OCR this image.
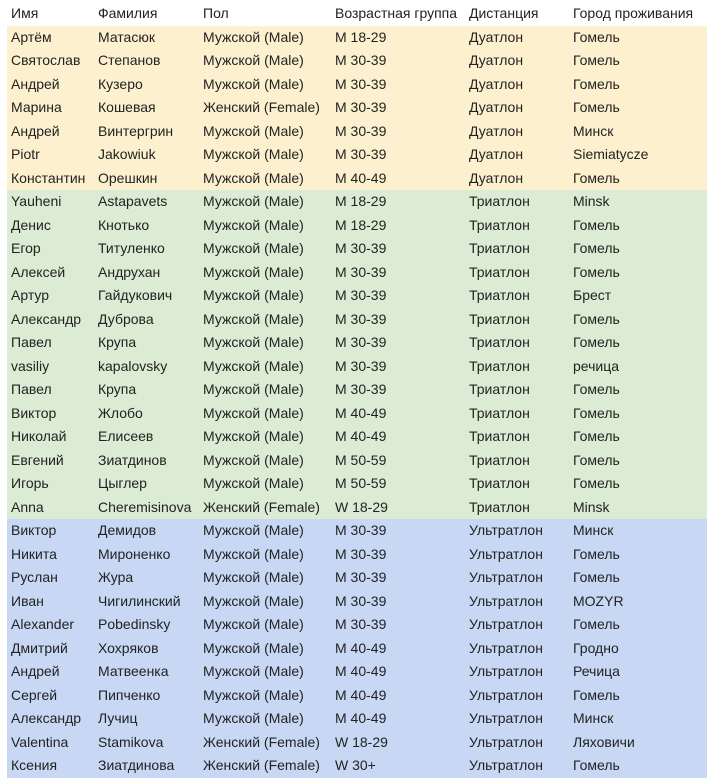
Имя	Фамилия	Пол	Возрастная группа	Дистанция	Город проживания
Артём	Матасюк	Мужской (Male)	M 18-29	Дуатлон	Гомель
Святослав	Степанов	Мужской (Male)	M 30-39	Дуатлон	Гомель
Андрей	Кузеро	Мужской (Male)	M 30-39	Дуатлон	Гомель
Марина	Кошевая	Женский (Female)	M 30-39	Дуатлон	Гомель
Андрей	Винтергрин	Мужской (Male)	M 30-39	Дуатлон	Минск
Piotr	Jakowiuk	Мужской (Male)	M 30-39	Дуатлон	Siemiatycze
Константин	Орешкин	Мужской (Male)	M 40-49	Дуатлон	Гомель
Yauheni	Astapavets	Мужской (Male)	M 18-29	Триатлон	Minsk
Денис	Кнотько	Мужской (Male)	M 18-29	Триатлон	Гомель
Егор	Титуленко	Мужской (Male)	M 30-39	Триатлон	Гомель
Алексей	Андрухан	Мужской (Male)	M 30-39	Триатлон	Гомель
Артур	Гайдукович	Мужской (Male)	M 30-39	Триатлон	Брест
Александр	Дуброва	Мужской (Male)	M 30-39	Триатлон	Гомель
Павел	Крупа	Мужской (Male)	M 30-39	Триатлон	Гомель
vasiliy	kapalovsky	Мужской (Male)	M 30-39	Триатлон	речица
Павел	Крупа	Мужской (Male)	M 30-39	Триатлон	Гомель
Виктор	Жлобо	Мужской (Male)	M 40-49	Триатлон	Гомель
Николай	Елисеев	Мужской (Male)	M 40-49	Триатлон	Гомель
Евгений	Зиатдинов	Мужской (Male)	M 50-59	Триатлон	Гомель
Игорь	Цыглер	Мужской (Male)	M 50-59	Триатлон	Гомель
Anna	Cheremisinova	Женский (Female)	W 18-29	Триатлон	Minsk
Виктор	Демидов	Мужской (Male)	M 30-39	Ультратлон	Минск
Никита	Мироненко	Мужской (Male)	M 30-39	Ультратлон	Гомель
Руслан	Жура	Мужской (Male)	M 30-39	Ультратлон	Гомель
Иван	Чигилинский	Мужской (Male)	M 30-39	Ультратлон	MOZYR
Alexander	Pobedinsky	Мужской (Male)	M 30-39	Ультратлон	Гомель
Дмитрий	Хохряков	Мужской (Male)	M 40-49	Ультратлон	Гродно
Андрей	Матвеенка	Мужской (Male)	M 40-49	Ультратлон	Речица
Сергей	Пипченко	Мужской (Male)	M 40-49	Ультратлон	Гомель
Александр	Лучиц	Мужской (Male)	M 40-49	Ультратлон	Минск
Valentina	Stamikova	Женский (Female)	W 18-29	Ультратлон	Ляховичи
Ксения	Зиатдинова	Женский (Female)	W 30+	Ультратлон	Гомель
